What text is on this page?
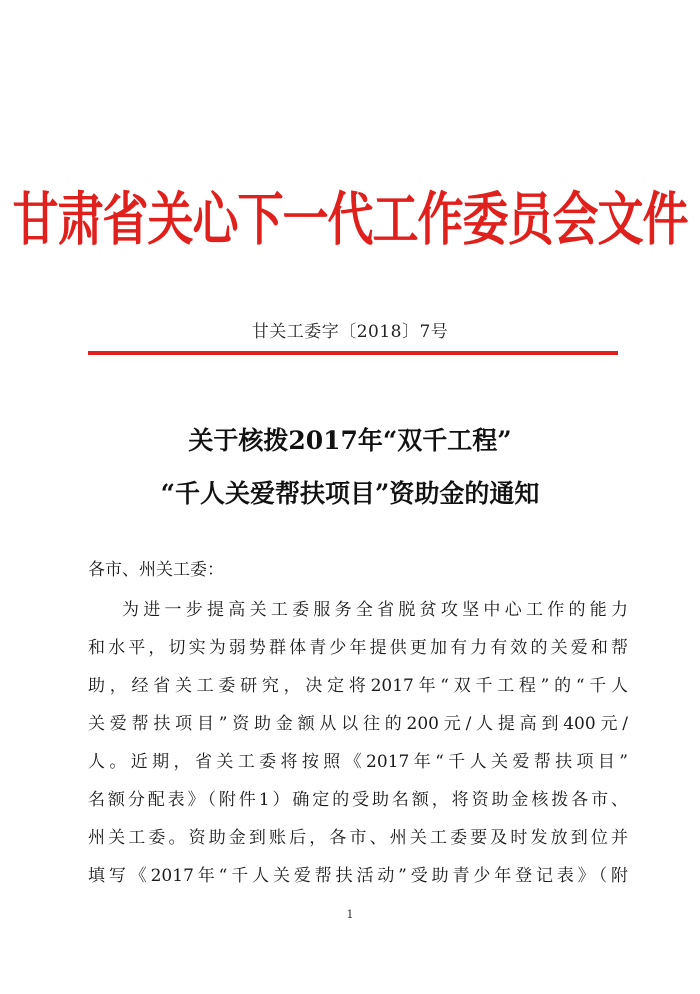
甘肃省关心下一代工作委员会文件
甘关工委字〔2018〕7号
关于核拨2017年“双千工程”
“千人关爱帮扶项目”资助金的通知
各市、州关工委：
为进一步提高关工委服务全省脱贫攻坚中心工作的能力
和水平，切实为弱势群体青少年提供更加有力有效的关爱和帮
助，经省关工委研究，决定将2017年“双千工程”的“千人
关爱帮扶项目”资助金额从以往的200元/人提高到400元/
人。近期，省关工委将按照《2017年“千人关爱帮扶项目”
名额分配表》（附件1）确定的受助名额，将资助金核拨各市、
州关工委。资助金到账后，各市、州关工委要及时发放到位并
填写《2017年“千人关爱帮扶活动”受助青少年登记表》（附
1
